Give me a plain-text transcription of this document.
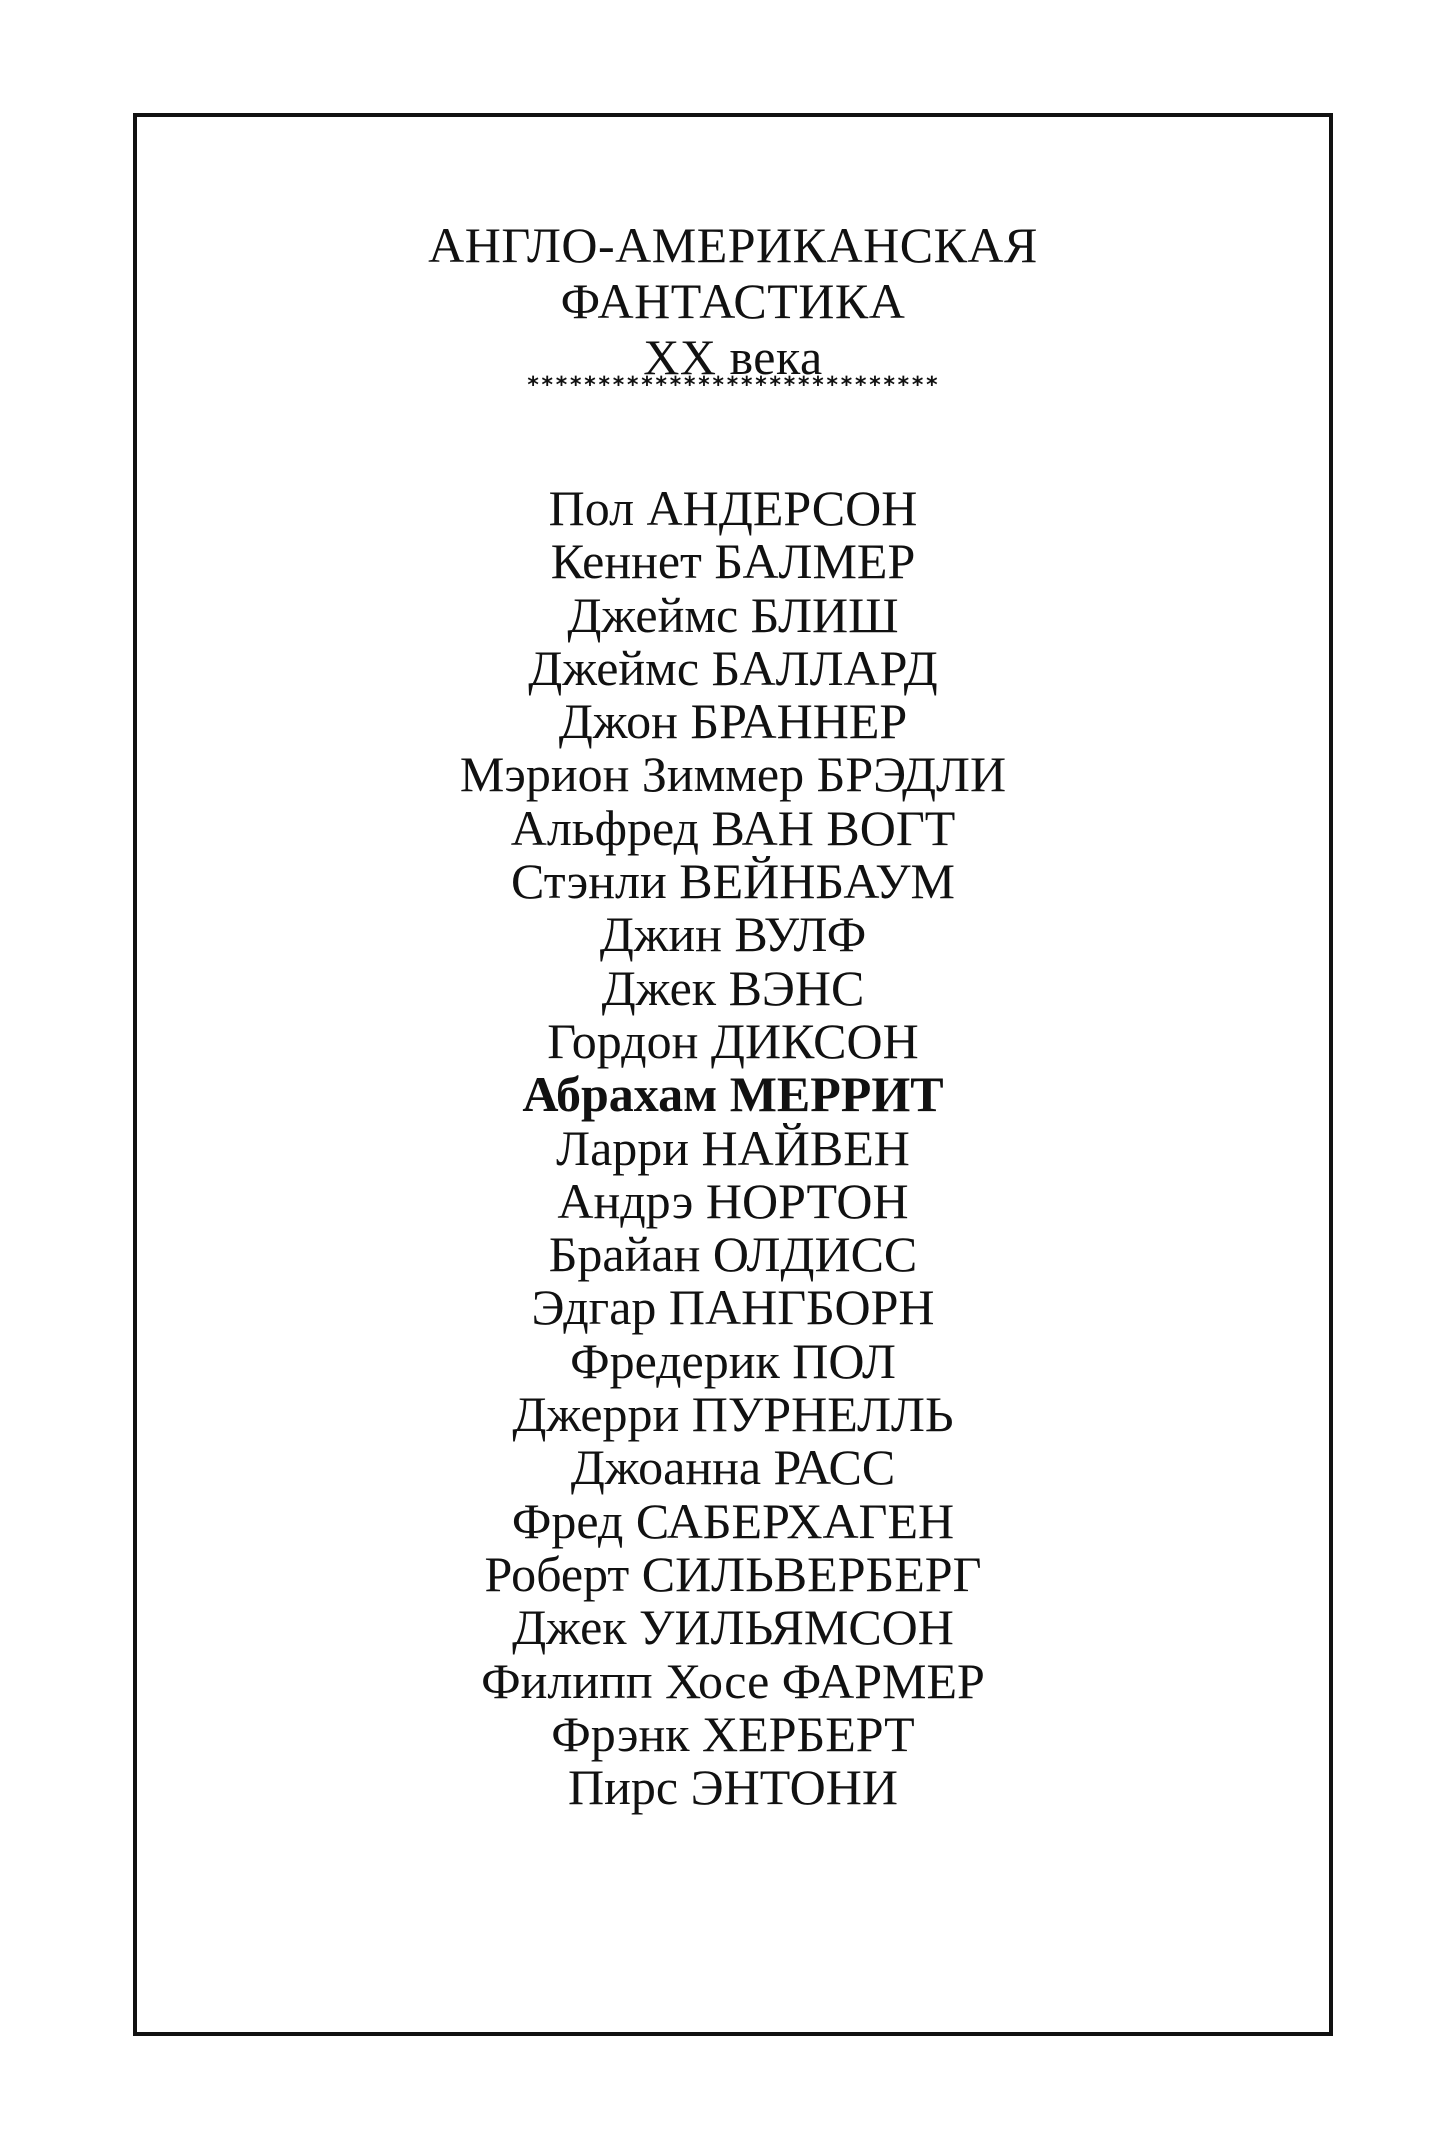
АНГЛО-АМЕРИКАНСКАЯ
ФАНТАСТИКА
XX века
*****************************
Пол АНДЕРСОН
Кеннет БАЛМЕР
Джеймс БЛИШ
Джеймс БАЛЛАРД
Джон БРАННЕР
Мэрион Зиммер БРЭДЛИ
Альфред ВАН ВОГТ
Стэнли ВЕЙНБАУМ
Джин ВУЛФ
Джек ВЭНС
Гордон ДИКСОН
Абрахам МЕРРИТ
Ларри НАЙВЕН
Андрэ НОРТОН
Брайан ОЛДИСС
Эдгар ПАНГБОРН
Фредерик ПОЛ
Джерри ПУРНЕЛЛЬ
Джоанна РАСС
Фред САБЕРХАГЕН
Роберт СИЛЬВЕРБЕРГ
Джек УИЛЬЯМСОН
Филипп Хосе ФАРМЕР
Фрэнк ХЕРБЕРТ
Пирс ЭНТОНИ
